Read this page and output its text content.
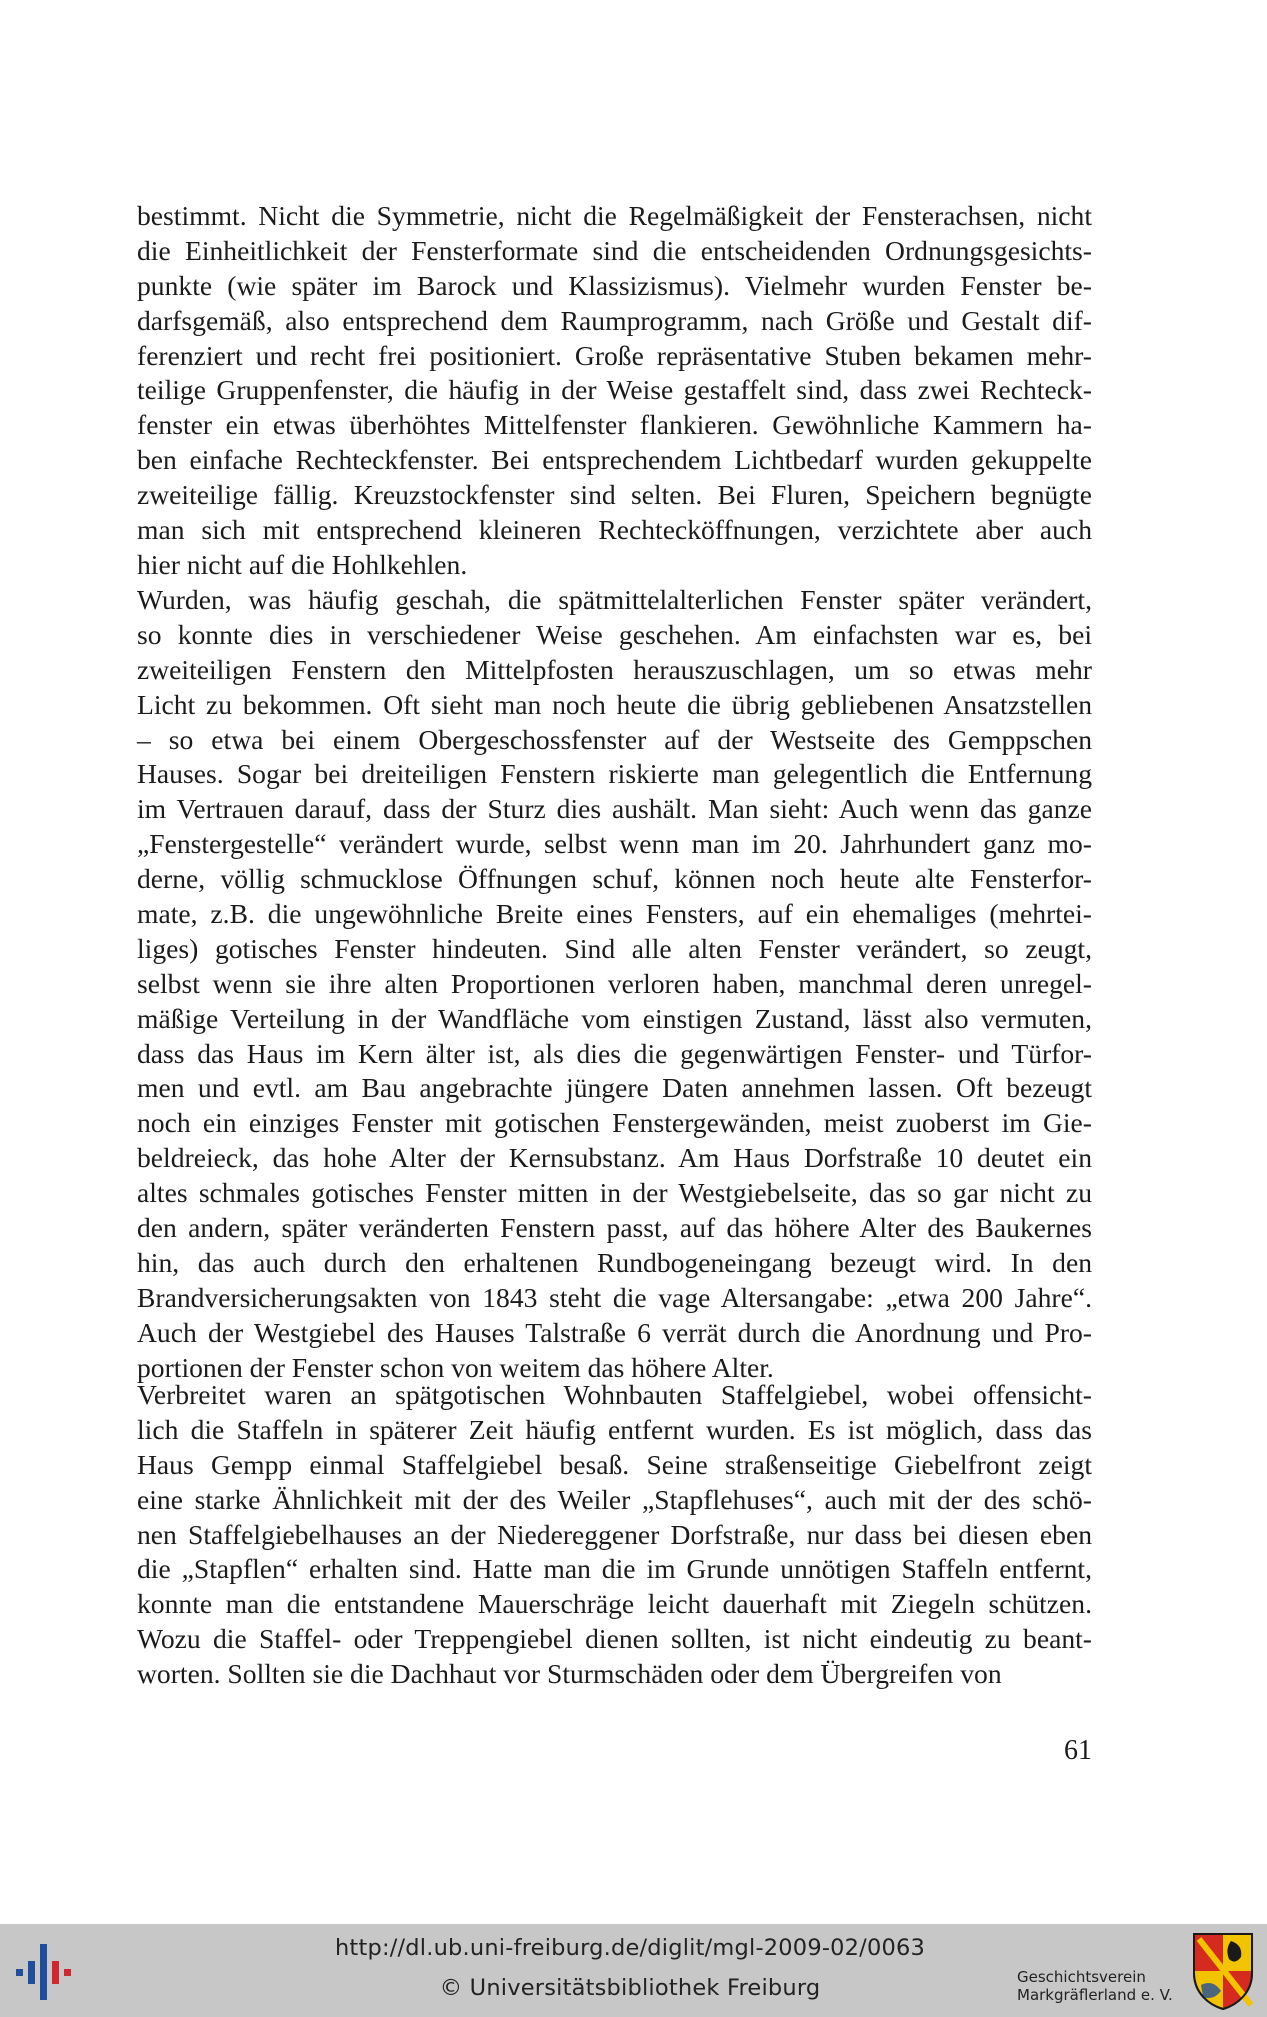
bestimmt. Nicht die Symmetrie, nicht die Regelmäßigkeit der Fensterachsen, nicht
die Einheitlichkeit der Fensterformate sind die entscheidenden Ordnungsgesichts-
punkte (wie später im Barock und Klassizismus). Vielmehr wurden Fenster be-
darfsgemäß, also entsprechend dem Raumprogramm, nach Größe und Gestalt dif-
ferenziert und recht frei positioniert. Große repräsentative Stuben bekamen mehr-
teilige Gruppenfenster, die häufig in der Weise gestaffelt sind, dass zwei Rechteck-
fenster ein etwas überhöhtes Mittelfenster flankieren. Gewöhnliche Kammern ha-
ben einfache Rechteckfenster. Bei entsprechendem Lichtbedarf wurden gekuppelte
zweiteilige fällig. Kreuzstockfenster sind selten. Bei Fluren, Speichern begnügte
man sich mit entsprechend kleineren Rechtecköffnungen, verzichtete aber auch
hier nicht auf die Hohlkehlen.
Wurden, was häufig geschah, die spätmittelalterlichen Fenster später verändert,
so konnte dies in verschiedener Weise geschehen. Am einfachsten war es, bei
zweiteiligen Fenstern den Mittelpfosten herauszuschlagen, um so etwas mehr
Licht zu bekommen. Oft sieht man noch heute die übrig gebliebenen Ansatzstellen
– so etwa bei einem Obergeschossfenster auf der Westseite des Gemppschen
Hauses. Sogar bei dreiteiligen Fenstern riskierte man gelegentlich die Entfernung
im Vertrauen darauf, dass der Sturz dies aushält. Man sieht: Auch wenn das ganze
„Fenstergestelle“ verändert wurde, selbst wenn man im 20. Jahrhundert ganz mo-
derne, völlig schmucklose Öffnungen schuf, können noch heute alte Fensterfor-
mate, z.B. die ungewöhnliche Breite eines Fensters, auf ein ehemaliges (mehrtei-
liges) gotisches Fenster hindeuten. Sind alle alten Fenster verändert, so zeugt,
selbst wenn sie ihre alten Proportionen verloren haben, manchmal deren unregel-
mäßige Verteilung in der Wandfläche vom einstigen Zustand, lässt also vermuten,
dass das Haus im Kern älter ist, als dies die gegenwärtigen Fenster- und Türfor-
men und evtl. am Bau angebrachte jüngere Daten annehmen lassen. Oft bezeugt
noch ein einziges Fenster mit gotischen Fenstergewänden, meist zuoberst im Gie-
beldreieck, das hohe Alter der Kernsubstanz. Am Haus Dorfstraße 10 deutet ein
altes schmales gotisches Fenster mitten in der Westgiebelseite, das so gar nicht zu
den andern, später veränderten Fenstern passt, auf das höhere Alter des Baukernes
hin, das auch durch den erhaltenen Rundbogeneingang bezeugt wird. In den
Brandversicherungsakten von 1843 steht die vage Altersangabe: „etwa 200 Jahre“.
Auch der Westgiebel des Hauses Talstraße 6 verrät durch die Anordnung und Pro-
portionen der Fenster schon von weitem das höhere Alter.
Verbreitet waren an spätgotischen Wohnbauten Staffelgiebel, wobei offensicht-
lich die Staffeln in späterer Zeit häufig entfernt wurden. Es ist möglich, dass das
Haus Gempp einmal Staffelgiebel besaß. Seine straßenseitige Giebelfront zeigt
eine starke Ähnlichkeit mit der des Weiler „Stapflehuses“, auch mit der des schö-
nen Staffelgiebelhauses an der Niedereggener Dorfstraße, nur dass bei diesen eben
die „Stapflen“ erhalten sind. Hatte man die im Grunde unnötigen Staffeln entfernt,
konnte man die entstandene Mauerschräge leicht dauerhaft mit Ziegeln schützen.
Wozu die Staffel- oder Treppengiebel dienen sollten, ist nicht eindeutig zu beant-
worten. Sollten sie die Dachhaut vor Sturmschäden oder dem Übergreifen von
61
http://dl.ub.uni-freiburg.de/diglit/mgl-2009-02/0063
© Universitätsbibliothek Freiburg	Geschichtsverein
Markgräflerland e. V.
